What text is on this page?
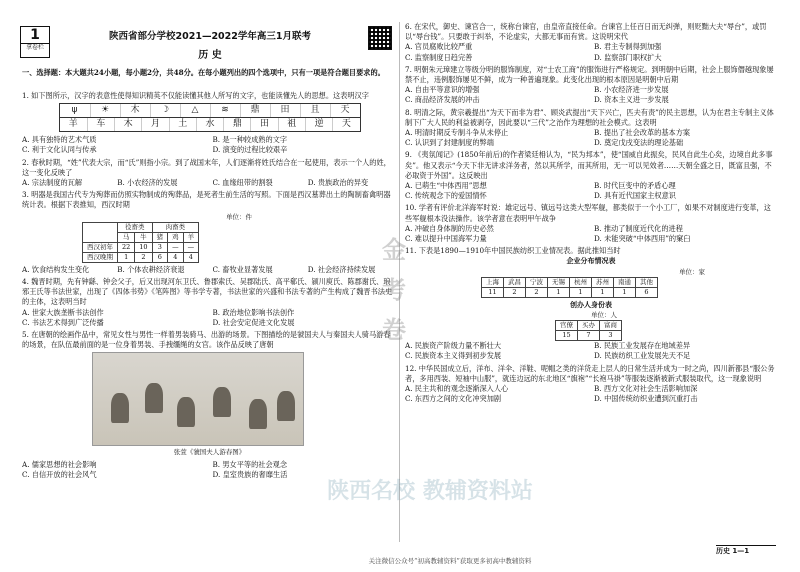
1
拿卷栏
陕西省部分学校2021—2022学年高三1月联考
历 史
一、选择题：本大题共24小题，每小题2分，共48分。在每小题列出的四个选项中，只有一项是符合题目要求的。
1. 如下图所示，汉字的表意性使得知识精英不仅能读懂其他人所写的文字，也能读懂先人的思想。这表明汉字
ψ	☀	木	☽	△	≋	鼎	田	且	天
羊	车	木	月	土	水	鼎	田	祖	逆	天
A. 具有独特的艺术气质	B. 是一种较成熟的文字
C. 利于文化认同与传承	D. 演变的过程比较艰辛
2. 春秋时期，“姓”代表大宗，而“氏”则指小宗。到了战国末年，人们逐渐将姓氏结合在一起使用，表示一个人的姓，这一变化反映了
A. 宗法制度的瓦解	B. 小农经济的发展	C. 血缘纽带的割裂	D. 贵族政治的异变
3. 明器是我国古代专为殉葬而仿照实物制成的殉葬品，是死者生前生活的写照。下面是西汉墓葬出土的陶制畜禽明器统计表。根据下表推知，西汉时期
单位：件
	役畜类		肉畜类		
	马	牛	猪	鸡	羊
西汉初年	22	10	3	—	—
西汉晚期	1	2	6	4	4
A. 饮食结构发生变化	B. 个体农耕经济衰退	C. 畜牧业显著发展	D. 社会经济持续发展
4. 魏晋时期，先有钟繇、钟会父子，后又出现河东卫氏、鲁郡索氏、吴郡陆氏、高平郗氏、颍川庾氏、陈郡谢氏、琅邪王氏等书法世家，出现了《四体书势》《笔阵图》等书学专著，书法世家的兴盛和书法专著的产生构成了魏晋书法史的主体，这表明当时
A. 世家大族垄断书法创作	B. 政治地位影响书法创作
C. 书法艺术得到广泛传播	D. 社会安定促进文化发展
5. 在唐朝的绘画作品中，常见女性与男性一样着男装骑马、出游的场景。下图描绘的是虢国夫人与秦国夫人骑马游春的场景，在队伍最前面的是一位身着男装、手拽缰绳的女官。该作品反映了唐朝
张萱《虢国夫人游春图》
A. 儒家思想的社会影响	B. 男女平等的社会观念
C. 自信开放的社会风气	D. 皇室贵族的奢靡生活
6. 在宋代，御史、谏官合一，统称台谏官，由皇帝直接任命。台谏官上任百日而无纠弹，则贬黜大夫“辱台”，或罚以“辱台钱”。只要敢于纠举，不论虚实，大都无事而有赏。这说明宋代
A. 官员腐败比较严重	B. 君主专制得到加强
C. 监察制度日趋完善	D. 监察部门职权扩大
7. 明朝朱元璋建立等级分明的服饰制度，对“士农工商”的服饰进行严格规定。到明朝中后期，社会上服饰僭越现象屡禁不止，违例服饰屡见不鲜，成为一种普遍现象。此变化出现的根本原因是明朝中后期
A. 自由平等意识的增强	B. 小农经济进一步发展
C. 商品经济发展的冲击	D. 资本主义进一步发展
8. 明清之际，黄宗羲提出“为天下而非为君”、顾炎武提出“天下兴亡，匹夫有责”的民主思想，认为在君主专制主义体制下广大人民的利益被剥夺，因此要以“三代”之治作为理想的社会模式。这表明
A. 明清时期反专制斗争从未停止	B. 提出了社会改革的基本方案
C. 认识到了封建制度的弊端	D. 奠定戊戌变法的理论基础
9. 《夷氛闻记》(1850年前后)的作者梁廷枏认为，“民为邦本”，使“国威自此振矣，民风自此生心矣，边境自此多事矣”。他又表示“今天下非无讲求洋务者，然以其所学，而其所用，无一可以见效者……天朝全盛之日，既富且强，不必取资于外国”。这反映出
A. 已萌生“中体西用”思想	B. 时代巨变中的矛盾心理
C. 传统观念下的爱国情怀	D. 具有近代国家主权意识
10. 学者有评价北洋海军时说：雄定远号、镇远号这类大型军舰，都类似于一个小工厂，如果不对制度进行变革，这些军舰根本没法操作。该学者意在表明甲午战争
A. 冲破自身体制的历史必然	B. 推动了制度近代化的进程
C. 难以提升中国海军力量	D. 未能突破“中体西用”的窠臼
11. 下表是1890—1910年中国民族纺织工业情况表。据此推知当时
企业分布情况表
单位：家
上海	武昌	宁波	无锡	杭州	苏州	南通	其他
11	2	2	1	1	1	1	6
创办人身份表
单位：人
官僚	买办	富商
15	7	3
A. 民族资产阶级力量不断壮大	B. 民族工业发展存在地域差异
C. 民族资本主义得到初步发展	D. 民族纺织工业发展先天不足
12. 中华民国成立后，洋布、洋伞、洋鞋、呢帽之类的洋货走上层人的日常生活并成为一时之尚，四川新都县“服公务者，多用西装、短袖中山服”，就连边远的东北地区“旗袍”“长袍马褂”等服装逐渐被新式服装取代，这一现象说明
A. 民主共和的观念逐渐深入人心	B. 西方文化对社会生活影响加深
C. 东西方之间的文化冲突加剧	D. 中国传统纺织业遭到沉重打击
金考卷
陕西名校 教辅资料站
历史 1—1
关注微信公众号“初高教辅资料”获取更多初高中教辅资料
